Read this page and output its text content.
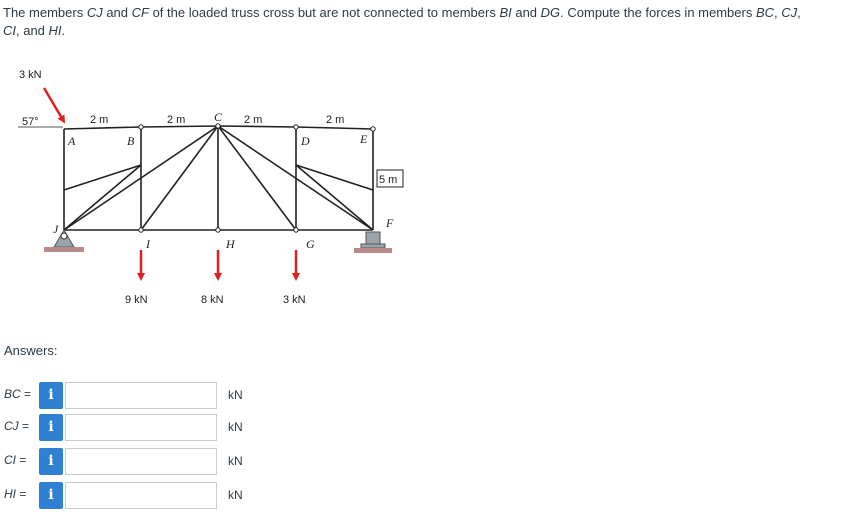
The members CJ and CF of the loaded truss cross but are not connected to members BI and DG. Compute the forces in members BC, CJ,
CI, and HI.
3 kN
57°	2 m	2 m	2 m	2 m
A	B
C
D	E
F
G
H
I
J
5 m
9 kN	8 kN	3 kN
Answers:
BC =	i	kN
CJ =	i	kN
CI =	i	kN
HI =	i	kN
